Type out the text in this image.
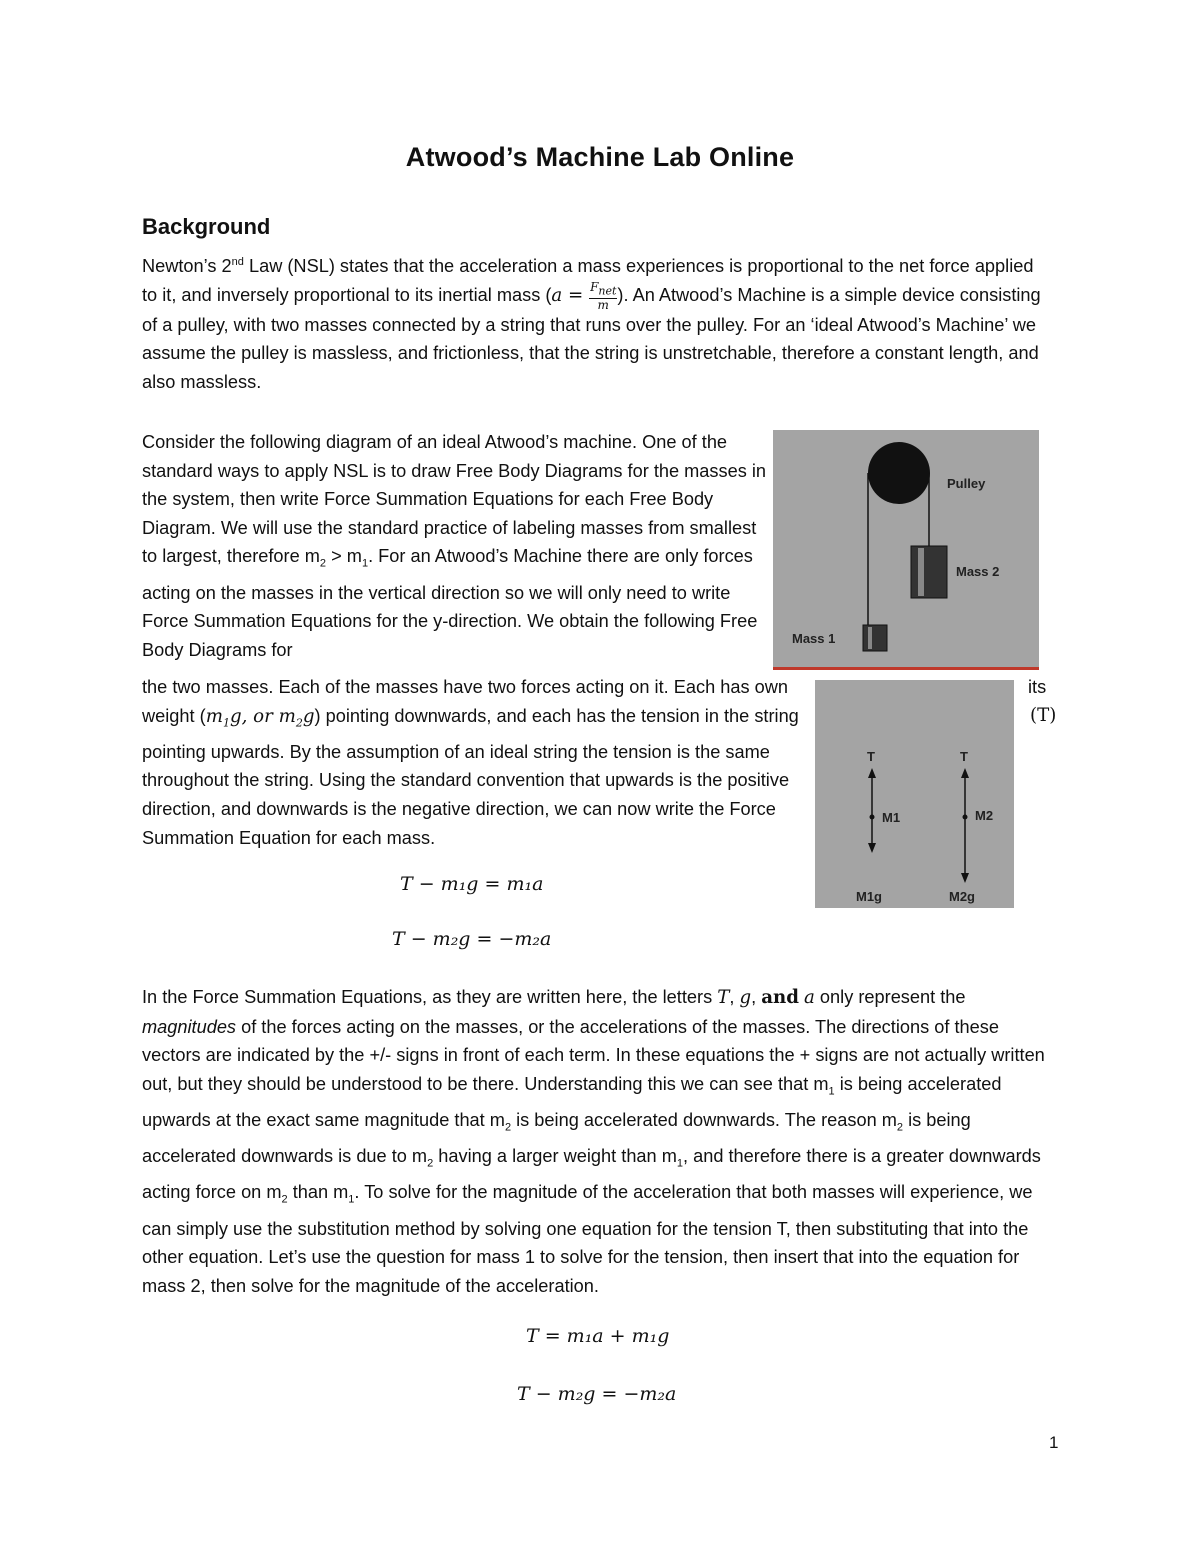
Atwood’s Machine Lab Online
Background

Newton’s 2nd Law (NSL) states that the acceleration a mass experiences is proportional to the net force applied to it, and inversely proportional to its inertial mass ($a = \frac{F_{net}}{m}$ ). An Atwood’s Machine is a simple device consisting of a pulley, with two masses connected by a string that runs over the pulley. For an ‘ideal Atwood’s Machine’ we assume the pulley is massless, and frictionless, that the string is unstretchable, therefore a constant length, and also massless.

Consider the following diagram of an ideal Atwood’s machine. One of the standard ways to apply NSL is to draw Free Body Diagrams for the masses in the system, then write Force Summation Equations for each Free Body Diagram. We will use the standard practice of labeling masses from smallest to largest, therefore $m_2 > m_1$. For an Atwood’s Machine there are only forces acting on the masses in the vertical direction so we will only need to write Force Summation Equations for the y-direction. We obtain the following Free Body Diagrams for

Pulley
Mass 2
Mass 1

the two masses. Each of the masses have two forces acting on it. Each has own weight ($m_1g$, or $m_2g$) pointing downwards, and each has the tension in the string pointing upwards. By the assumption of an ideal string the tension is the same throughout the string. Using the standard convention that upwards is the positive direction, and downwards is the negative direction, we can now write the Force Summation Equation for each mass.

its
(T)
T	T
M1	M2
M1g	M2g
T − m₁g = m₁a
T − m₂g = −m₂a

In the Force Summation Equations, as they are written here, the letters T, g, and a only represent the magnitudes of the forces acting on the masses, or the accelerations of the masses. The directions of these vectors are indicated by the +/- signs in front of each term. In these equations the + signs are not actually written out, but they should be understood to be there. Understanding this we can see that $m_1$ is being accelerated upwards at the exact same magnitude that $m_2$ is being accelerated downwards. The reason $m_2$ is being accelerated downwards is due to $m_2$ having a larger weight than $m_1$, and therefore there is a greater downwards acting force on $m_2$ than $m_1$. To solve for the magnitude of the acceleration that both masses will experience, we can simply use the substitution method by solving one equation for the tension T, then substituting that into the other equation. Let’s use the question for mass 1 to solve for the tension, then insert that into the equation for mass 2, then solve for the magnitude of the acceleration.

T = m₁a + m₁g
T − m₂g = −m₂a
1
